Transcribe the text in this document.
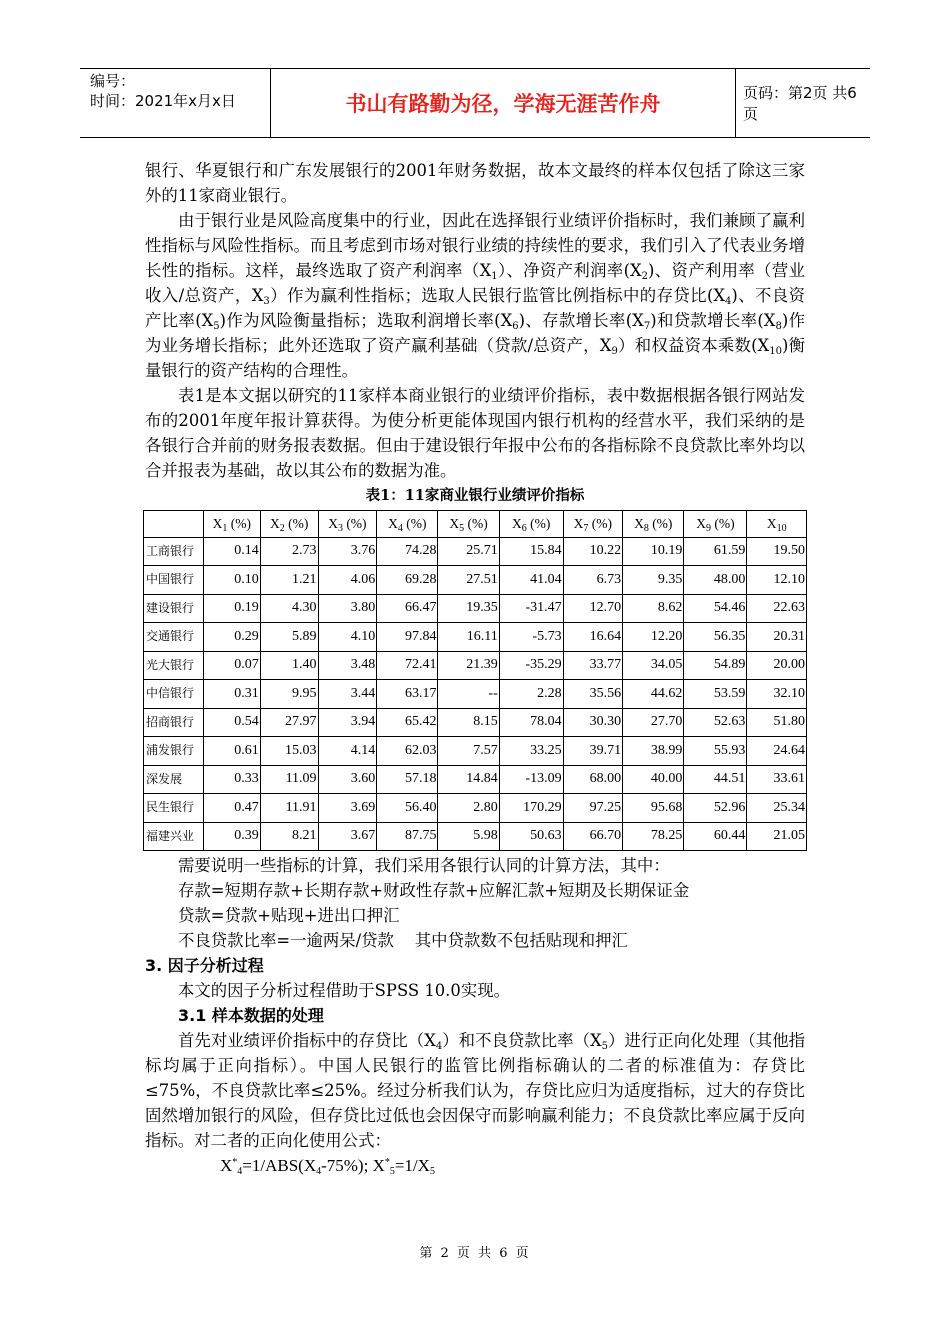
编号：
时间：2021年x月x日	书山有路勤为径，学海无涯苦作舟	页码：第2页 共6页

银行、华夏银行和广东发展银行的2001年财务数据，故本文最终的样本仅包括了除这三家外的11家商业银行。

由于银行业是风险高度集中的行业，因此在选择银行业绩评价指标时，我们兼顾了赢利性指标与风险性指标。而且考虑到市场对银行业绩的持续性的要求，我们引入了代表业务增长性的指标。这样，最终选取了资产利润率$(X_1)$、净资产利润率$(X_2)$、资产利用率（营业收入/总资产，$X_3$）作为赢利性指标；选取人民银行监管比例指标中的存贷比$(X_4)$、不良资产比率$(X_5)$作为风险衡量指标；选取利润增长率$(X_6)$、存款增长率$(X_7)$和贷款增长率$(X_8)$作为业务增长指标；此外还选取了资产赢利基础（贷款/总资产，$X_9$）和权益资本乘数$(X_{10})$衡量银行的资产结构的合理性。

表1是本文据以研究的11家样本商业银行的业绩评价指标，表中数据根据各银行网站发布的2001年度年报计算获得。为使分析更能体现国内银行机构的经营水平，我们采纳的是各银行合并前的财务报表数据。但由于建设银行年报中公布的各指标除不良贷款比率外均以合并报表为基础，故以其公布的数据为准。

表1：11家商业银行业绩评价指标
	$X_1$ (%)	$X_2$ (%)	$X_3$ (%)	$X_4$ (%)	$X_5$ (%)	$X_6$ (%)	$X_7$ (%)	$X_8$ (%)	$X_9$ (%)	$X_{10}$
工商银行	0.14	2.73	3.76	74.28	25.71	15.84	10.22	10.19	61.59	19.50
中国银行	0.10	1.21	4.06	69.28	27.51	41.04	6.73	9.35	48.00	12.10
建设银行	0.19	4.30	3.80	66.47	19.35	-31.47	12.70	8.62	54.46	22.63
交通银行	0.29	5.89	4.10	97.84	16.11	-5.73	16.64	12.20	56.35	20.31
光大银行	0.07	1.40	3.48	72.41	21.39	-35.29	33.77	34.05	54.89	20.00
中信银行	0.31	9.95	3.44	63.17	--	2.28	35.56	44.62	53.59	32.10
招商银行	0.54	27.97	3.94	65.42	8.15	78.04	30.30	27.70	52.63	51.80
浦发银行	0.61	15.03	4.14	62.03	7.57	33.25	39.71	38.99	55.93	24.64
深发展	0.33	11.09	3.60	57.18	14.84	-13.09	68.00	40.00	44.51	33.61
民生银行	0.47	11.91	3.69	56.40	2.80	170.29	97.25	95.68	52.96	25.34
福建兴业	0.39	8.21	3.67	87.75	5.98	50.63	66.70	78.25	60.44	21.05

需要说明一些指标的计算，我们采用各银行认同的计算方法，其中：

存款=短期存款+长期存款+财政性存款+应解汇款+短期及长期保证金

贷款=贷款+贴现+进出口押汇

不良贷款比率=一逾两呆/贷款    其中贷款数不包括贴现和押汇

3. 因子分析过程

本文的因子分析过程借助于SPSS 10.0实现。

3.1 样本数据的处理

首先对业绩评价指标中的存贷比$(X_4)$和不良贷款比率$(X_5)$进行正向化处理（其他指标均属于正向指标）。中国人民银行的监管比例指标确认的二者的标准值为：存贷比≤75%，不良贷款比率≤25%。经过分析我们认为，存贷比应归为适度指标，过大的存贷比固然增加银行的风险，但存贷比过低也会因保守而影响赢利能力；不良贷款比率应属于反向指标。对二者的正向化使用公式：

$X^*_4=1/ABS(X_4-75\%)$; $X^*_5=1/X_5$

第 2 页 共 6 页
